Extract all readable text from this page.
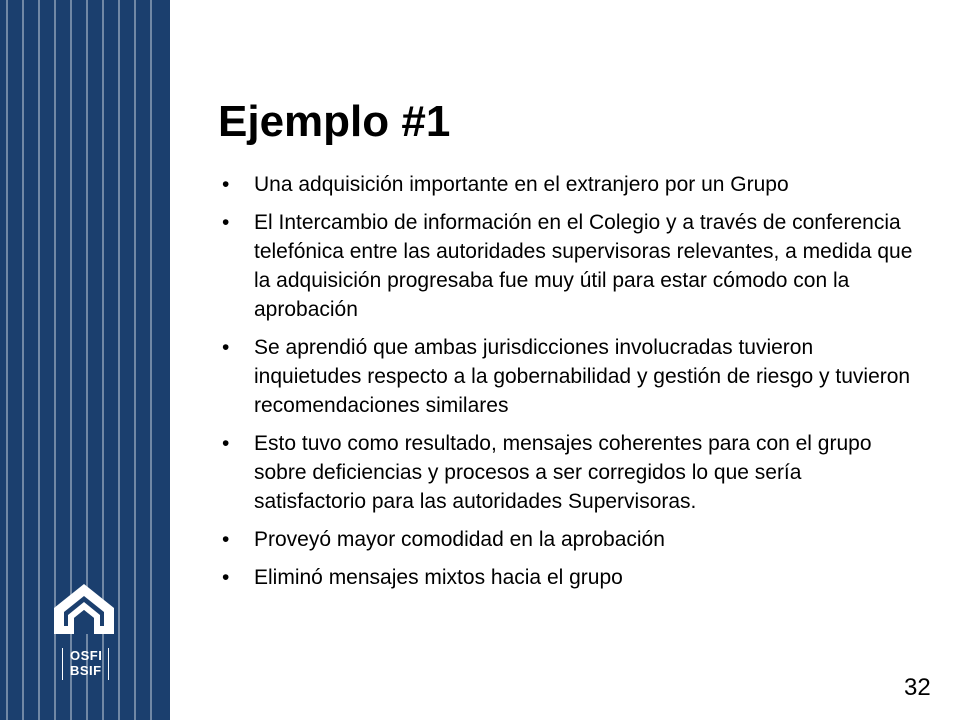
OSFI
BSIF
Ejemplo #1
• Una adquisición importante en el extranjero por un Grupo
• El Intercambio de información en el Colegio y a través de conferencia telefónica entre las autoridades supervisoras relevantes, a medida que la adquisición progresaba fue muy útil para estar cómodo con la aprobación
• Se aprendió que ambas jurisdicciones involucradas tuvieron inquietudes respecto a la gobernabilidad y gestión de riesgo y tuvieron recomendaciones similares
• Esto tuvo como resultado, mensajes coherentes para con el grupo sobre deficiencias y procesos a ser corregidos lo que sería satisfactorio para las autoridades Supervisoras.
• Proveyó mayor comodidad en la aprobación
• Eliminó mensajes mixtos hacia el grupo
32
